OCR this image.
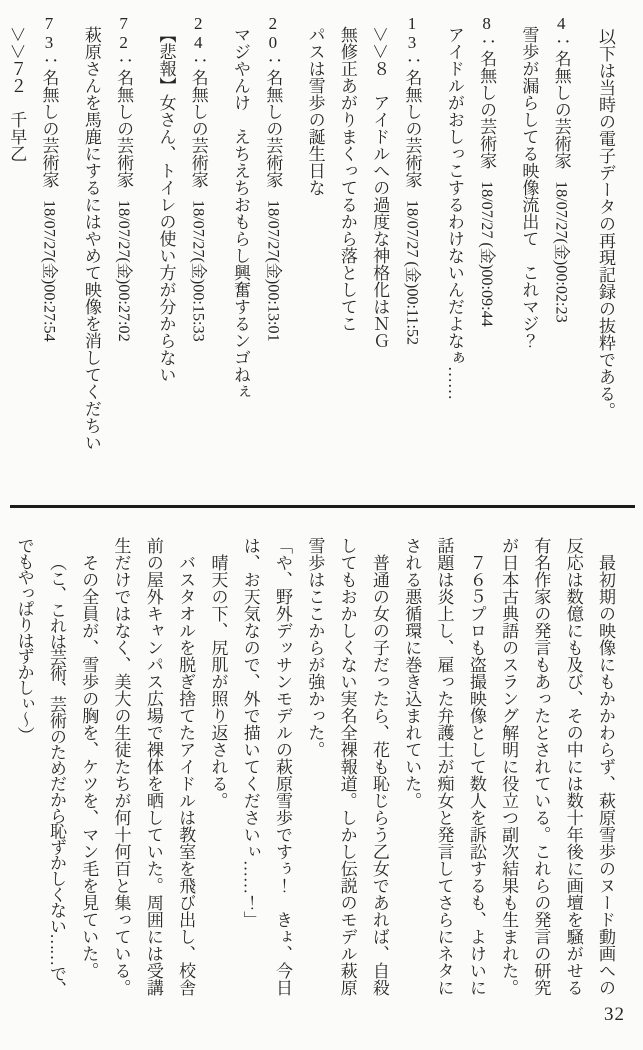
以下は当時の電子データの再現記録の抜粋である。

4：名無しの芸術家18/07/27(金)00:02:23

雪歩が漏らしてる映像流出て　これマジ？

8：名無しの芸術家18/07/27 (金)00:09:44

アイドルがおしっこするわけないんだよなぁ……

13：名無しの芸術家18/07/27 (金)00:11:52

＞＞８　アイドルへの過度な神格化はＮＧ

無修正あがりまくってるから落としてこ

パスは雪歩の誕生日な

20：名無しの芸術家18/07/27(金)00:13:01

マジやんけ　えちえちおもらし興奮するンゴねぇ

24：名無しの芸術家18/07/27(金)00:15:33

【悲報】女さん、トイレの使い方が分からない

72：名無しの芸術家18/07/27(金)00:27:02

萩原さんを馬鹿にするにはやめて映像を消してくだちい

73：名無しの芸術家18/07/27(金)00:27:54

＞＞７２　千早乙

最初期の映像にもかかわらず、萩原雪歩のヌード動画への反応は数億にも及び、その中には数十年後に画壇を騒がせる有名作家の発言もあったとされている。これらの発言の研究が日本古典語のスラング解明に役立つ副次結果も生まれた。

７６５プロも盗撮映像として数人を訴訟するも、よけいに話題は炎上し、雇った弁護士が痴女と発言してさらにネタにされる悪循環に巻き込まれていた。

普通の女の子だったら、花も恥じらう乙女であれば、自殺してもおかしくない実名全裸報道。しかし伝説のモデル萩原雪歩はここからが強かった。

「や、野外デッサンモデルの萩原雪歩ですぅ！　きょ、今日は、お天気なので、外で描いてくださいぃ……！」

晴天の下、尻肌が照り返される。

バスタオルを脱ぎ捨てたアイドルは教室を飛び出し、校舎前の屋外キャンパス広場で裸体を晒していた。周囲には受講生だけではなく、美大の生徒たちが何十何百と集っている。

その全員が、雪歩の胸を、ケツを、マン毛を見ていた。

（こ、これは芸術、芸術のためだから恥ずかしくない……で、でもやっぱりはずかしぃ～）

32
